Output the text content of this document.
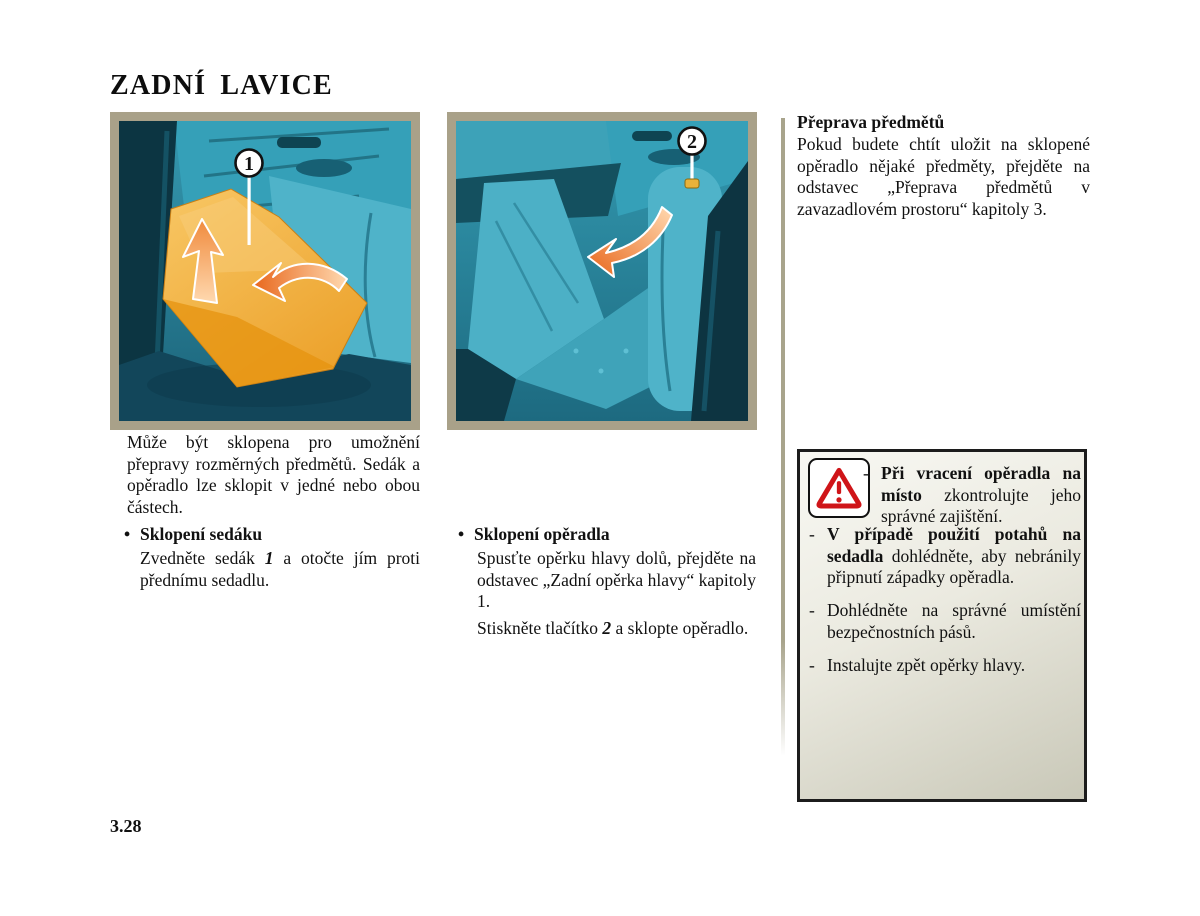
ZADNÍ LAVICE
1
2
Může být sklopena pro umožnění přepravy rozměrných předmětů. Sedák a opěradlo lze sklopit v jedné nebo obou částech.
• Sklopení sedáku
Zvedněte sedák 1 a otočte jím proti přednímu sedadlu.
• Sklopení opěradla
Spusťte opěrku hlavy dolů, přejděte na odstavec „Zadní opěrka hlavy“ kapitoly 1.
Stiskněte tlačítko 2 a sklopte opěradlo.
Přeprava předmětů
Pokud budete chtít uložit na sklopené opěradlo nějaké předměty, přejděte na odstavec „Přeprava předmětů v zavazadlovém prostoru“ kapitoly 3.
- Při vracení opěradla na místo zkontrolujte jeho správné zajištění.
- V případě použití potahů na sedadla dohlédněte, aby nebránily připnutí západky opěradla.
- Dohlédněte na správné umístění bezpečnostních pásů.
- Instalujte zpět opěrky hlavy.
3.28
